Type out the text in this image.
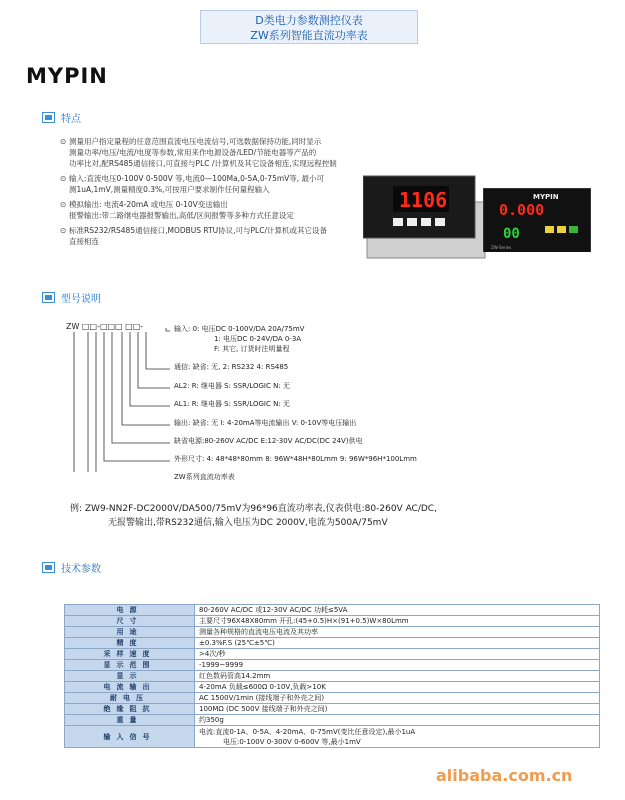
D类电力参数测控仪表
ZW系列智能直流功率表
MYPIN
特点
⊙ 测量用户指定量程的任意范围直流电压电流信号,可选数据保持功能,同时显示
测量功率/电压/电流/电度等参数,常用来作电源设备/LED/节能电器等产品的
功率比对,配RS485通信接口,可直接与PLC /计算机及其它设备相连,实现远程控制
⊙ 输入:直流电压0-100V 0-500V 等,电流0—100Ma,0-5A,0-75mV等, 最小可
测1uA,1mV,测量精度0.3%,可按用户要求制作任何量程输入
⊙ 模拟输出: 电流4-20mA 或电压 0-10V变送输出
报警输出:带二路继电器报警输出,高低/区间报警等多种方式任意设定
⊙ 标准RS232/RS485通信接口,MODBUS RTU协议,可与PLC/计算机或其它设备
直接相连
1106	MYPIN
0.000
00
ZW-Series
型号说明
ZW □□-□□□ □□-	输入: 0: 电压DC 0-100V/DA 20A/75mV
1: 电压DC 0-24V/DA 0-3A
F: 其它, 订货时注明量程
通信: 缺省: 无, 2: RS232 4: RS485
AL2: R: 继电器 S: SSR/LOGIC N: 无
AL1: R: 继电器 S: SSR/LOGIC N: 无
输出: 缺省: 无 I: 4-20mA等电流输出 V: 0-10V等电压输出
缺省电源:80-260V AC/DC E:12-30V AC/DC(DC 24V)供电
外形尺寸: 4: 48*48*80mm 8: 96W*48H*80Lmm 9: 96W*96H*100Lmm
ZW系列直流功率表
例: ZW9-NN2F-DC2000V/DA500/75mV为96*96直流功率表,仪表供电:80-260V AC/DC,
无报警输出,带RS232通信,输入电压为DC 2000V,电流为500A/75mV
技术参数
电源	80-260V AC/DC 或12-30V AC/DC 功耗≤5VA

尺寸	主要尺寸96X48X80mm 开孔:(45+0.5)H×(91+0.5)W×80Lmm

用途	测量各种规格的直流电压电流及其功率

精度	±0.3%F.S (25℃±5℃)

采样速度	>4次/秒

显示范围	-1999~9999

显示	红色数码管高14.2mm

电流输出	4-20mA 负载≤600Ω 0-10V,负载>10K

耐电压	AC 1500V/1min (接线端子和外壳之间)

绝缘阻抗	100MΩ (DC 500V 接线端子和外壳之间)

重量	约350g

输入信号	电流:直流0-1A、0-5A、4-20mA、0-75mV(变比任意设定),最小1uA
电压:0-100V 0-300V 0-600V 等,最小1mV
alibaba.com.cn
